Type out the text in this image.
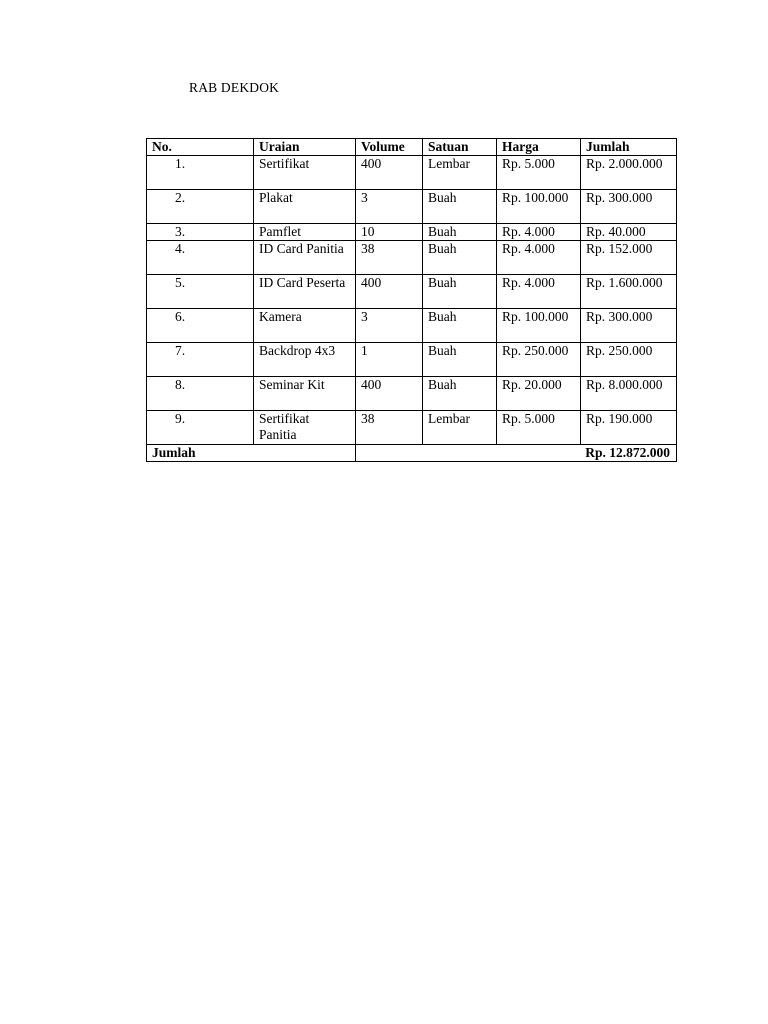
RAB DEKDOK
No.	Uraian	Volume	Satuan	Harga	Jumlah
1.	Sertifikat	400	Lembar	Rp. 5.000	Rp. 2.000.000
2.	Plakat	3	Buah	Rp. 100.000	Rp. 300.000
3.	Pamflet	10	Buah	Rp. 4.000	Rp. 40.000
4.	ID Card Panitia	38	Buah	Rp. 4.000	Rp. 152.000
5.	ID Card Peserta	400	Buah	Rp. 4.000	Rp. 1.600.000
6.	Kamera	3	Buah	Rp. 100.000	Rp. 300.000
7.	Backdrop 4x3	1	Buah	Rp. 250.000	Rp. 250.000
8.	Seminar Kit	400	Buah	Rp. 20.000	Rp. 8.000.000
9.	Sertifikat Panitia	38	Lembar	Rp. 5.000	Rp. 190.000
Jumlah		Rp. 12.872.000			
